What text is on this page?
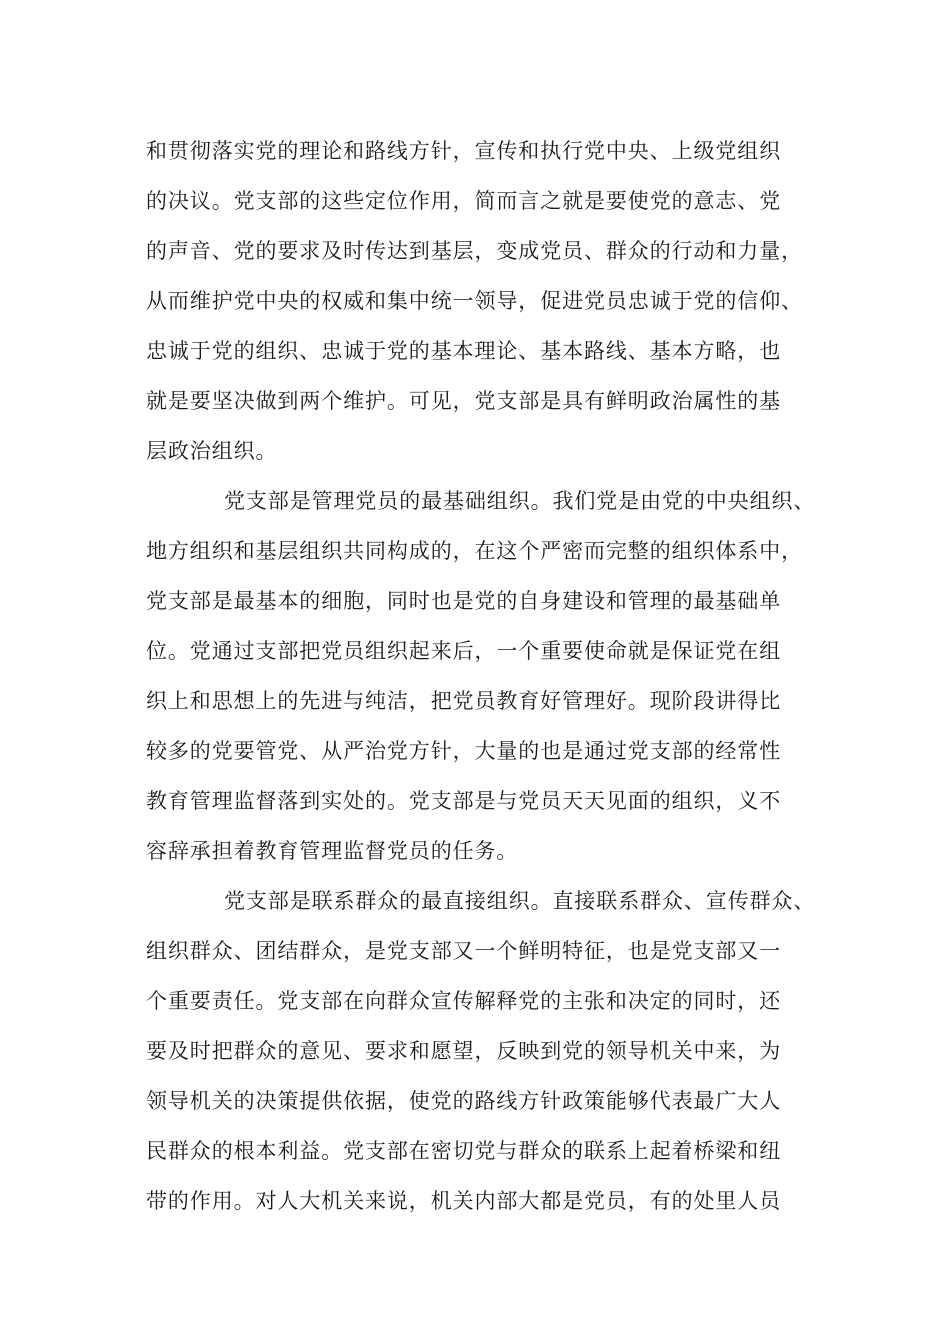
和贯彻落实党的理论和路线方针，宣传和执行党中央、上级党组织
的决议。党支部的这些定位作用，简而言之就是要使党的意志、党
的声音、党的要求及时传达到基层，变成党员、群众的行动和力量，
从而维护党中央的权威和集中统一领导，促进党员忠诚于党的信仰、
忠诚于党的组织、忠诚于党的基本理论、基本路线、基本方略，也
就是要坚决做到两个维护。可见，党支部是具有鲜明政治属性的基
层政治组织。
党支部是管理党员的最基础组织。我们党是由党的中央组织、
地方组织和基层组织共同构成的，在这个严密而完整的组织体系中，
党支部是最基本的细胞，同时也是党的自身建设和管理的最基础单
位。党通过支部把党员组织起来后，一个重要使命就是保证党在组
织上和思想上的先进与纯洁，把党员教育好管理好。现阶段讲得比
较多的党要管党、从严治党方针，大量的也是通过党支部的经常性
教育管理监督落到实处的。党支部是与党员天天见面的组织，义不
容辞承担着教育管理监督党员的任务。
党支部是联系群众的最直接组织。直接联系群众、宣传群众、
组织群众、团结群众，是党支部又一个鲜明特征，也是党支部又一
个重要责任。党支部在向群众宣传解释党的主张和决定的同时，还
要及时把群众的意见、要求和愿望，反映到党的领导机关中来，为
领导机关的决策提供依据，使党的路线方针政策能够代表最广大人
民群众的根本利益。党支部在密切党与群众的联系上起着桥梁和纽
带的作用。对人大机关来说，机关内部大都是党员，有的处里人员
